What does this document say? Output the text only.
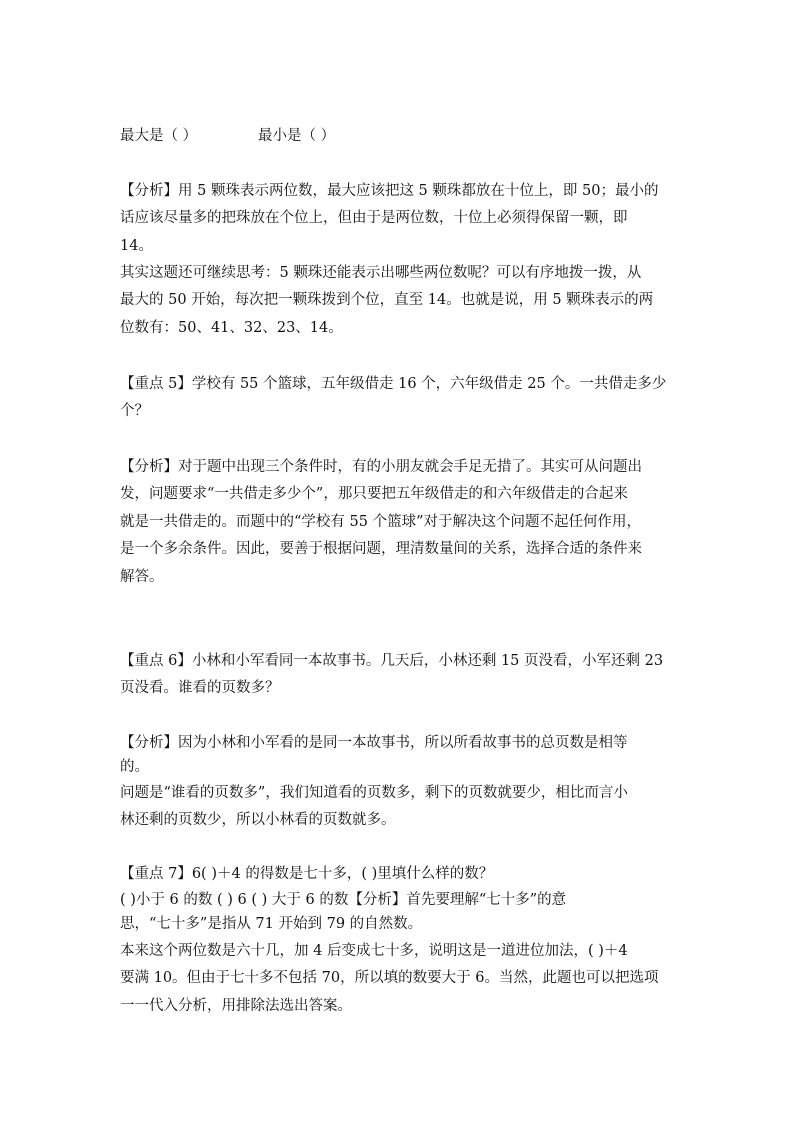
最大是（ ）	最小是（ ）
【分析】用 5 颗珠表示两位数，最大应该把这 5 颗珠都放在十位上，即 50；最小的
话应该尽量多的把珠放在个位上，但由于是两位数，十位上必须得保留一颗，即
14。
其实这题还可继续思考：5 颗珠还能表示出哪些两位数呢？可以有序地拨一拨，从
最大的 50 开始，每次把一颗珠拨到个位，直至 14。也就是说，用 5 颗珠表示的两
位数有：50、41、32、23、14。
【重点 5】学校有 55 个篮球，五年级借走 16 个，六年级借走 25 个。一共借走多少
个？
【分析】对于题中出现三个条件时，有的小朋友就会手足无措了。其实可从问题出
发，问题要求“一共借走多少个”，那只要把五年级借走的和六年级借走的合起来
就是一共借走的。而题中的“学校有 55 个篮球”对于解决这个问题不起任何作用，
是一个多余条件。因此，要善于根据问题，理清数量间的关系，选择合适的条件来
解答。
【重点 6】小林和小军看同一本故事书。几天后，小林还剩 15 页没看，小军还剩 23
页没看。谁看的页数多？
【分析】因为小林和小军看的是同一本故事书，所以所看故事书的总页数是相等
的。
问题是“谁看的页数多”，我们知道看的页数多，剩下的页数就要少，相比而言小
林还剩的页数少，所以小林看的页数就多。
【重点 7】6( )＋4 的得数是七十多，( )里填什么样的数？
( )小于 6 的数 ( ) 6 ( ) 大于 6 的数【分析】首先要理解“七十多”的意
思，“七十多”是指从 71 开始到 79 的自然数。
本来这个两位数是六十几，加 4 后变成七十多，说明这是一道进位加法，( )＋4
要满 10。但由于七十多不包括 70，所以填的数要大于 6。当然，此题也可以把选项
一一代入分析，用排除法选出答案。
